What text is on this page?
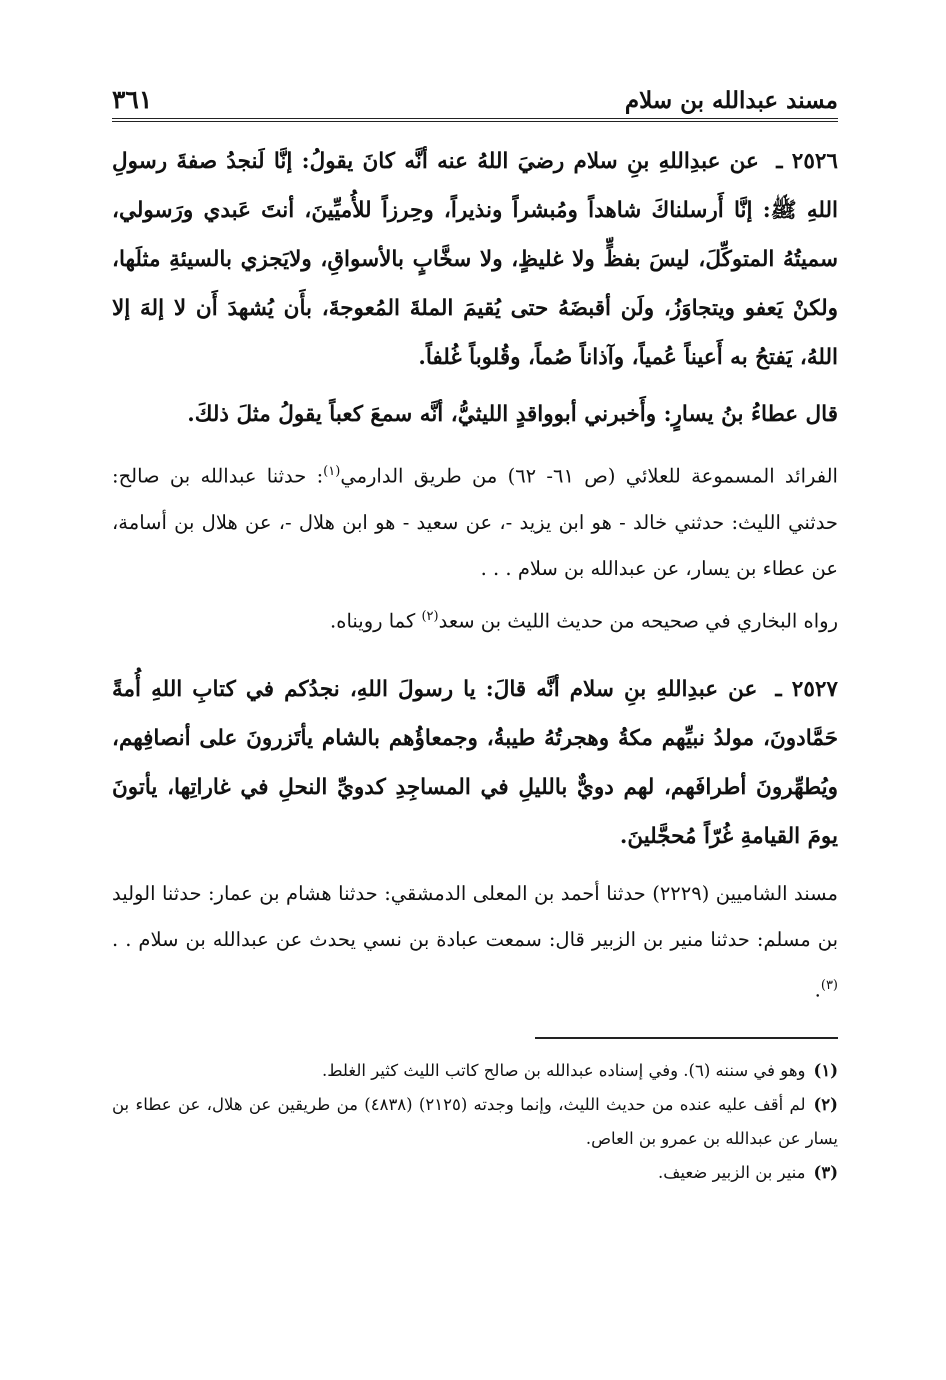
مسند عبدالله بن سلام
٣٦١
٢٥٢٦ ـ عن عبدِاللهِ بنِ سلام رضيَ اللهُ عنه أنَّه كانَ يقولُ: إنَّا لَنجدُ صفةَ رسولِ اللهِ ﷺ: إنَّا أَرسلناكَ شاهداً ومُبشراً ونذيراً، وحِرزاً للأُميِّينَ، أنتَ عَبدي ورَسولي، سميتُهُ المتوكِّلَ، ليسَ بفظٍّ ولا غليظٍ، ولا سخَّابٍ بالأسواقِ، ولايَجزي بالسيئةِ مثلَها، ولكنْ يَعفو ويتجاوَزُ، ولَن أقبضَهُ حتى يُقيمَ الملةَ المُعوجةَ، بأَن يُشهدَ أَن لا إلهَ إلا اللهُ، يَفتحُ به أَعيناً عُمياً، وآذاناً صُماً، وقُلوباً غُلفاً.
قال عطاءُ بنُ يسارٍ: وأَخبرني أبوواقدٍ الليثيُّ، أنَّه سمعَ كعباً يقولُ مثلَ ذلكَ.
الفرائد المسموعة للعلائي (ص ٦١- ٦٢) من طريق الدارمي$^{(١)}$: حدثنا عبدالله بن صالح: حدثني الليث: حدثني خالد - هو ابن يزيد -، عن سعيد - هو ابن هلال -، عن هلال بن أسامة، عن عطاء بن يسار، عن عبدالله بن سلام . . .
رواه البخاري في صحيحه من حديث الليث بن سعد$^{(٢)}$ كما رويناه.
٢٥٢٧ ـ عن عبدِاللهِ بنِ سلام أنَّه قالَ: يا رسولَ اللهِ، نجدُكم في كتابِ اللهِ أُمةً حَمَّادونَ، مولدُ نبيِّهم مكةُ وهجرتُهُ طيبةُ، وجمعاؤُهم بالشام يأتَزرونَ على أنصافِهم، ويُطهِّرونَ أطرافَهم، لهم دويٌّ بالليلِ في المساجِدِ كدويِّ النحلِ في غاراتِها، يأتونَ يومَ القيامةِ غُرّاً مُحجَّلينَ.
مسند الشاميين (٢٢٢٩) حدثنا أحمد بن المعلى الدمشقي: حدثنا هشام بن عمار: حدثنا الوليد بن مسلم: حدثنا منير بن الزبير قال: سمعت عبادة بن نسي يحدث عن عبدالله بن سلام . .$^{(٣)}$.
(١)وهو في سننه (٦). وفي إسناده عبدالله بن صالح كاتب الليث كثير الغلط.
(٢)لم أقف عليه عنده من حديث الليث، وإنما وجدته (٢١٢٥) (٤٨٣٨) من طريقين عن هلال، عن عطاء بن يسار عن عبدالله بن عمرو بن العاص.
(٣)منير بن الزبير ضعيف.
